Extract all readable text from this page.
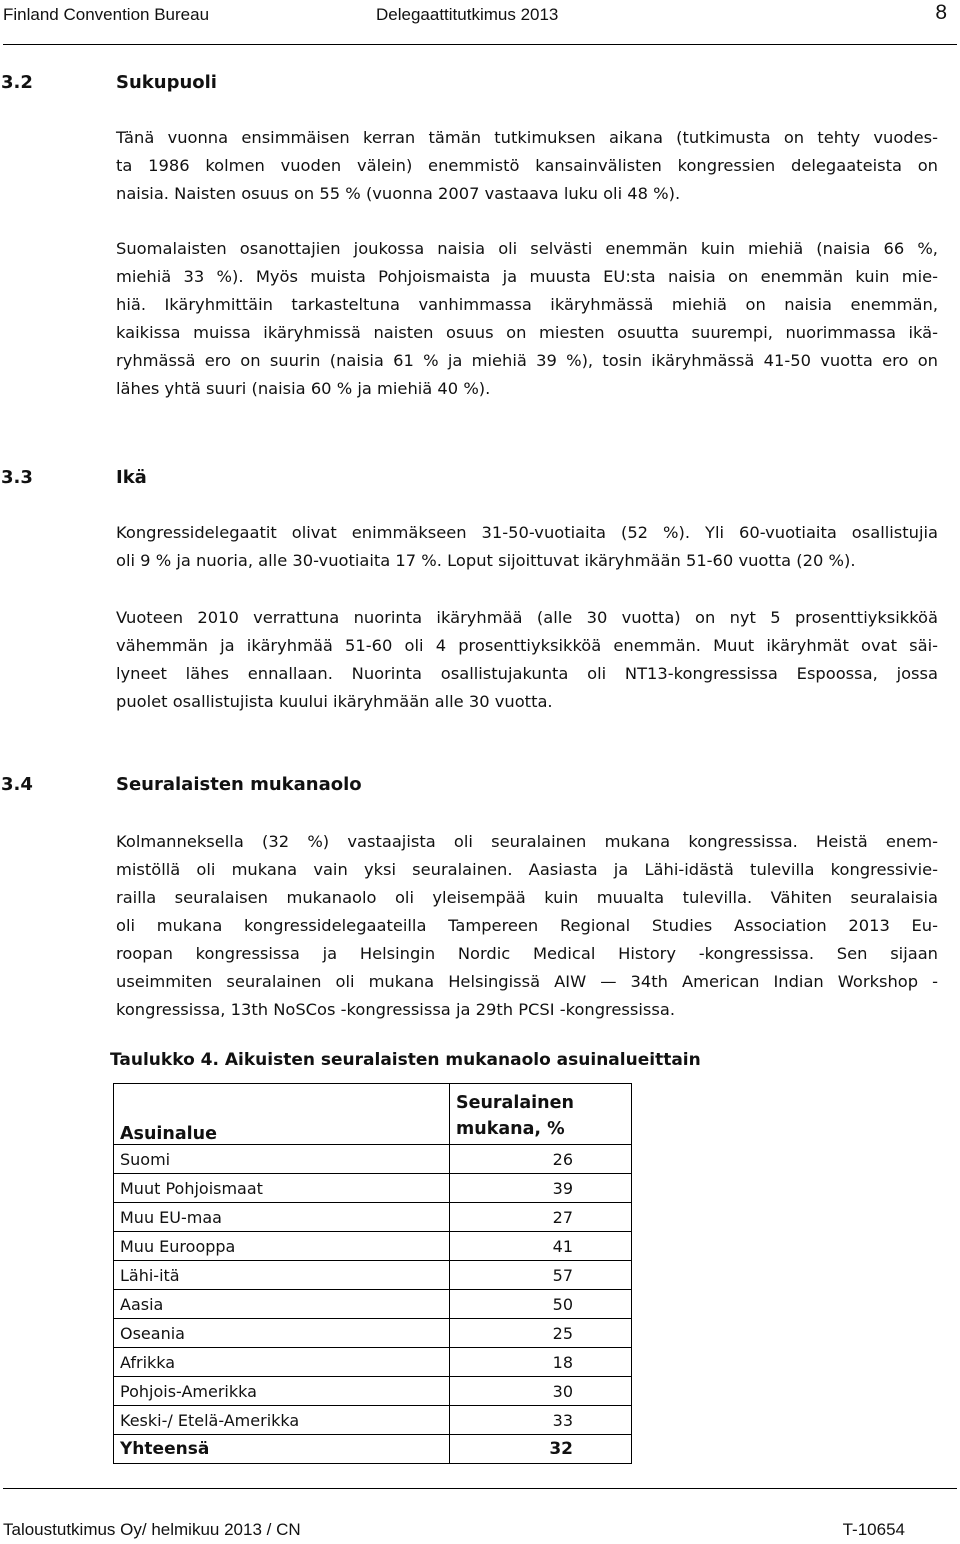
Finland Convention Bureau	Delegaattitutkimus 2013	8
3.2	Sukupuoli

Tänä vuonna ensimmäisen kerran tämän tutkimuksen aikana (tutkimusta on tehty vuodes-
ta 1986 kolmen vuoden välein) enemmistö kansainvälisten kongressien delegaateista on
naisia. Naisten osuus on 55 % (vuonna 2007 vastaava luku oli 48 %).

Suomalaisten osanottajien joukossa naisia oli selvästi enemmän kuin miehiä (naisia 66 %,
miehiä 33 %). Myös muista Pohjoismaista ja muusta EU:sta naisia on enemmän kuin mie-
hiä. Ikäryhmittäin tarkasteltuna vanhimmassa ikäryhmässä miehiä on naisia enemmän,
kaikissa muissa ikäryhmissä naisten osuus on miesten osuutta suurempi, nuorimmassa ikä-
ryhmässä ero on suurin (naisia 61 % ja miehiä 39 %), tosin ikäryhmässä 41-50 vuotta ero on
lähes yhtä suuri (naisia 60 % ja miehiä 40 %).

3.3	Ikä

Kongressidelegaatit olivat enimmäkseen 31-50-vuotiaita (52 %). Yli 60-vuotiaita osallistujia
oli 9 % ja nuoria, alle 30-vuotiaita 17 %. Loput sijoittuvat ikäryhmään 51-60 vuotta (20 %).

Vuoteen 2010 verrattuna nuorinta ikäryhmää (alle 30 vuotta) on nyt 5 prosenttiyksikköä
vähemmän ja ikäryhmää 51-60 oli 4 prosenttiyksikköä enemmän. Muut ikäryhmät ovat säi-
lyneet lähes ennallaan. Nuorinta osallistujakunta oli NT13-kongressissa Espoossa, jossa
puolet osallistujista kuului ikäryhmään alle 30 vuotta.

3.4	Seuralaisten mukanaolo

Kolmanneksella (32 %) vastaajista oli seuralainen mukana kongressissa. Heistä enem-
mistöllä oli mukana vain yksi seuralainen. Aasiasta ja Lähi-idästä tulevilla kongressivie-
railla seuralaisen mukanaolo oli yleisempää kuin muualta tulevilla. Vähiten seuralaisia
oli mukana kongressidelegaateilla Tampereen Regional Studies Association 2013 Eu-
roopan kongressissa ja Helsingin Nordic Medical History -kongressissa. Sen sijaan
useimmiten seuralainen oli mukana Helsingissä AIW — 34th American Indian Workshop -
kongressissa, 13th NoSCos -kongressissa ja 29th PCSI -kongressissa.

Taulukko 4. Aikuisten seuralaisten mukanaolo asuinalueittain
Asuinalue	Seuralainen
mukana, %
Suomi	26
Muut Pohjoismaat	39
Muu EU-maa	27
Muu Eurooppa	41
Lähi-itä	57
Aasia	50
Oseania	25
Afrikka	18
Pohjois-Amerikka	30
Keski-/ Etelä-Amerikka	33
Yhteensä	32
Taloustutkimus Oy/ helmikuu 2013 / CN	T-10654
